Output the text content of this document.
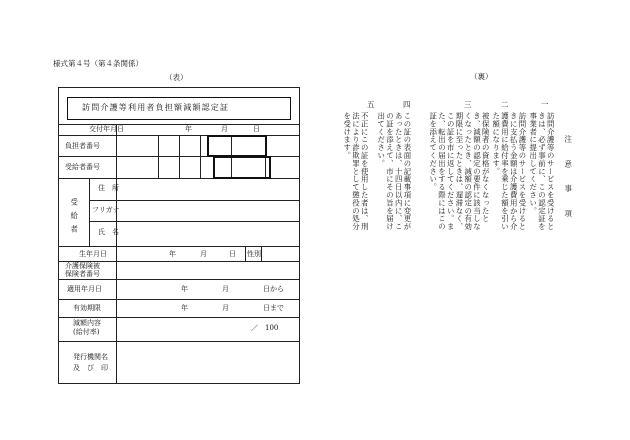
様式第４号（第４条関係）
（表）	（裏）
訪問介護等利用者負担額減額認定証
交付年月日	年	月	日
負担者番号
受給者番号
受給者
住　所
フリガナ
氏　名
生年月日	年	月	日 性別
介護保険被
保険者番号
適用年月日	年	月	日から
有効期限	年	月	日まで
減額内容
(給付率)	／　100
発行機関名
及　び　印
注　意　事　項
一
訪問介護等のサービスを受けるときは、必ず事前に、この認定証を事業者に提出してください。
二
訪問介護等のサービスを受けるときに支払う金額は介護費用から介護費用に給付率を乗じた額を引いた額になります。
三
被保険者の資格がなくなったとき、減額の認定の要件に該当しなくなったとき、減額の認定の有効期限に至ったときは、遅滞なく、この証を市に返してください。また、転出の届出をする際にはこの証を添えてください。
四
この証の表面の記載事項に変更があったときは、十四日以内に、この証を添えて、市にその旨を届け出てください。
五
不正にこの証を使用した者は、刑法により詐欺罪として懲役の処分を受けます。
